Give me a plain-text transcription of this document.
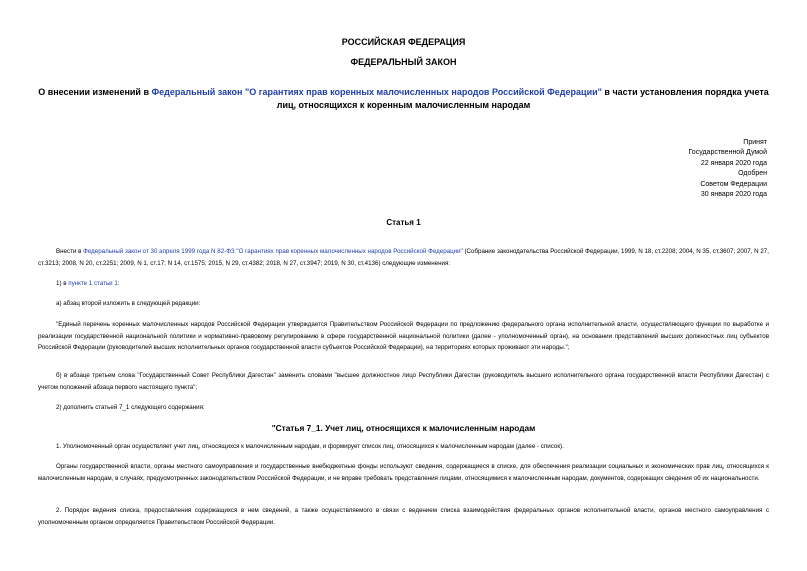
РОССИЙСКАЯ ФЕДЕРАЦИЯ
ФЕДЕРАЛЬНЫЙ ЗАКОН
О внесении изменений в Федеральный закон "О гарантиях прав коренных малочисленных народов Российской Федерации" в части установления порядка учета лиц, относящихся к коренным малочисленным народам
Принят
Государственной Думой
22 января 2020 года
Одобрен
Советом Федерации
30 января 2020 года
Статья 1
Внести в Федеральный закон от 30 апреля 1999 года N 82-ФЗ "О гарантиях прав коренных малочисленных народов Российской Федерации" (Собрание законодательства Российской Федерации, 1999, N 18, ст.2208; 2004, N 35, ст.3607; 2007, N 27, ст.3213; 2008, N 20, ст.2251; 2009, N 1, ст.17; N 14, ст.1575; 2015, N 29, ст.4382; 2018, N 27, ст.3947; 2019, N 30, ст.4136) следующие изменения:
1) в пункте 1 статьи 1:
а) абзац второй изложить в следующей редакции:
"Единый перечень коренных малочисленных народов Российской Федерации утверждается Правительством Российской Федерации по предложению федерального органа исполнительной власти, осуществляющего функции по выработке и реализации государственной национальной политики и нормативно-правовому регулированию в сфере государственной национальной политики (далее - уполномоченный орган), на основании представлений высших должностных лиц субъектов Российской Федерации (руководителей высших исполнительных органов государственной власти субъектов Российской Федерации), на территориях которых проживают эти народы.";
б) в абзаце третьем слова "Государственный Совет Республики Дагестан" заменить словами "высшее должностное лицо Республики Дагестан (руководитель высшего исполнительного органа государственной власти Республики Дагестан) с учетом положений абзаца первого настоящего пункта";
2) дополнить статьей 7_1 следующего содержания:
"Статья 7_1. Учет лиц, относящихся к малочисленным народам
1. Уполномоченный орган осуществляет учет лиц, относящихся к малочисленным народам, и формирует список лиц, относящихся к малочисленным народам (далее - список).
Органы государственной власти, органы местного самоуправления и государственные внебюджетные фонды используют сведения, содержащиеся в списке, для обеспечения реализации социальных и экономических прав лиц, относящихся к малочисленным народам, в случаях, предусмотренных законодательством Российской Федерации, и не вправе требовать представления лицами, относящимися к малочисленным народам, документов, содержащих сведения об их национальности.
2. Порядок ведения списка, предоставления содержащихся в нем сведений, а также осуществляемого в связи с ведением списка взаимодействия федеральных органов исполнительной власти, органов местного самоуправления с уполномоченным органом определяется Правительством Российской Федерации.
